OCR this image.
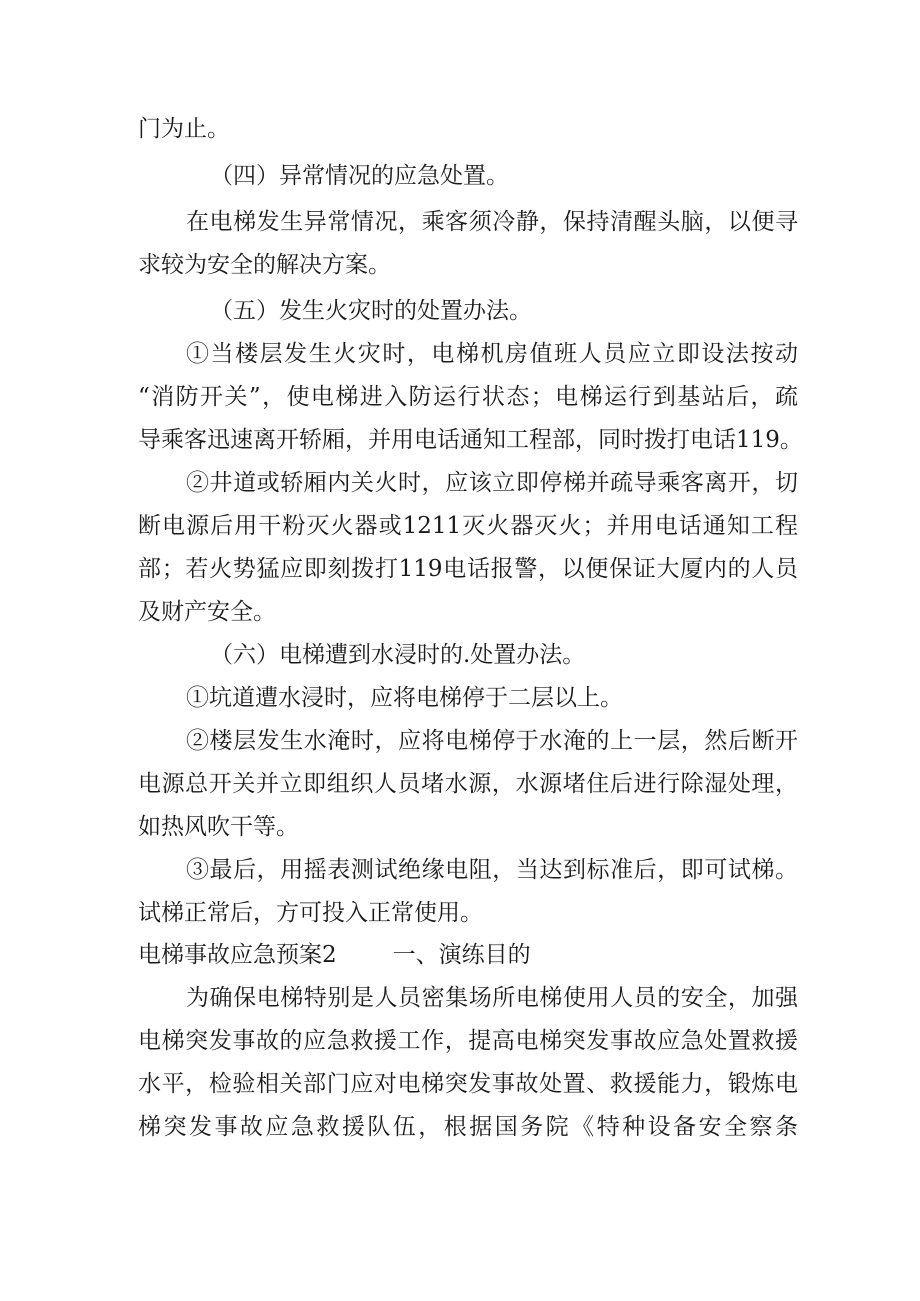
门为止。
（四）异常情况的应急处置。
在电梯发生异常情况，乘客须冷静，保持清醒头脑，以便寻
求较为安全的解决方案。
（五）发生火灾时的处置办法。
①当楼层发生火灾时，电梯机房值班人员应立即设法按动
“消防开关”，使电梯进入防运行状态；电梯运行到基站后，疏
导乘客迅速离开轿厢，并用电话通知工程部，同时拨打电话119。
②井道或轿厢内关火时，应该立即停梯并疏导乘客离开，切
断电源后用干粉灭火器或1211灭火器灭火；并用电话通知工程
部；若火势猛应即刻拨打119电话报警，以便保证大厦内的人员
及财产安全。
（六）电梯遭到水浸时的.处置办法。
①坑道遭水浸时，应将电梯停于二层以上。
②楼层发生水淹时，应将电梯停于水淹的上一层，然后断开
电源总开关并立即组织人员堵水源，水源堵住后进行除湿处理，
如热风吹干等。
③最后，用摇表测试绝缘电阻，当达到标准后，即可试梯。
试梯正常后，方可投入正常使用。
电梯事故应急预案2 一、演练目的
为确保电梯特别是人员密集场所电梯使用人员的安全，加强
电梯突发事故的应急救援工作，提高电梯突发事故应急处置救援
水平，检验相关部门应对电梯突发事故处置、救援能力，锻炼电
梯突发事故应急救援队伍，根据国务院《特种设备安全察条
